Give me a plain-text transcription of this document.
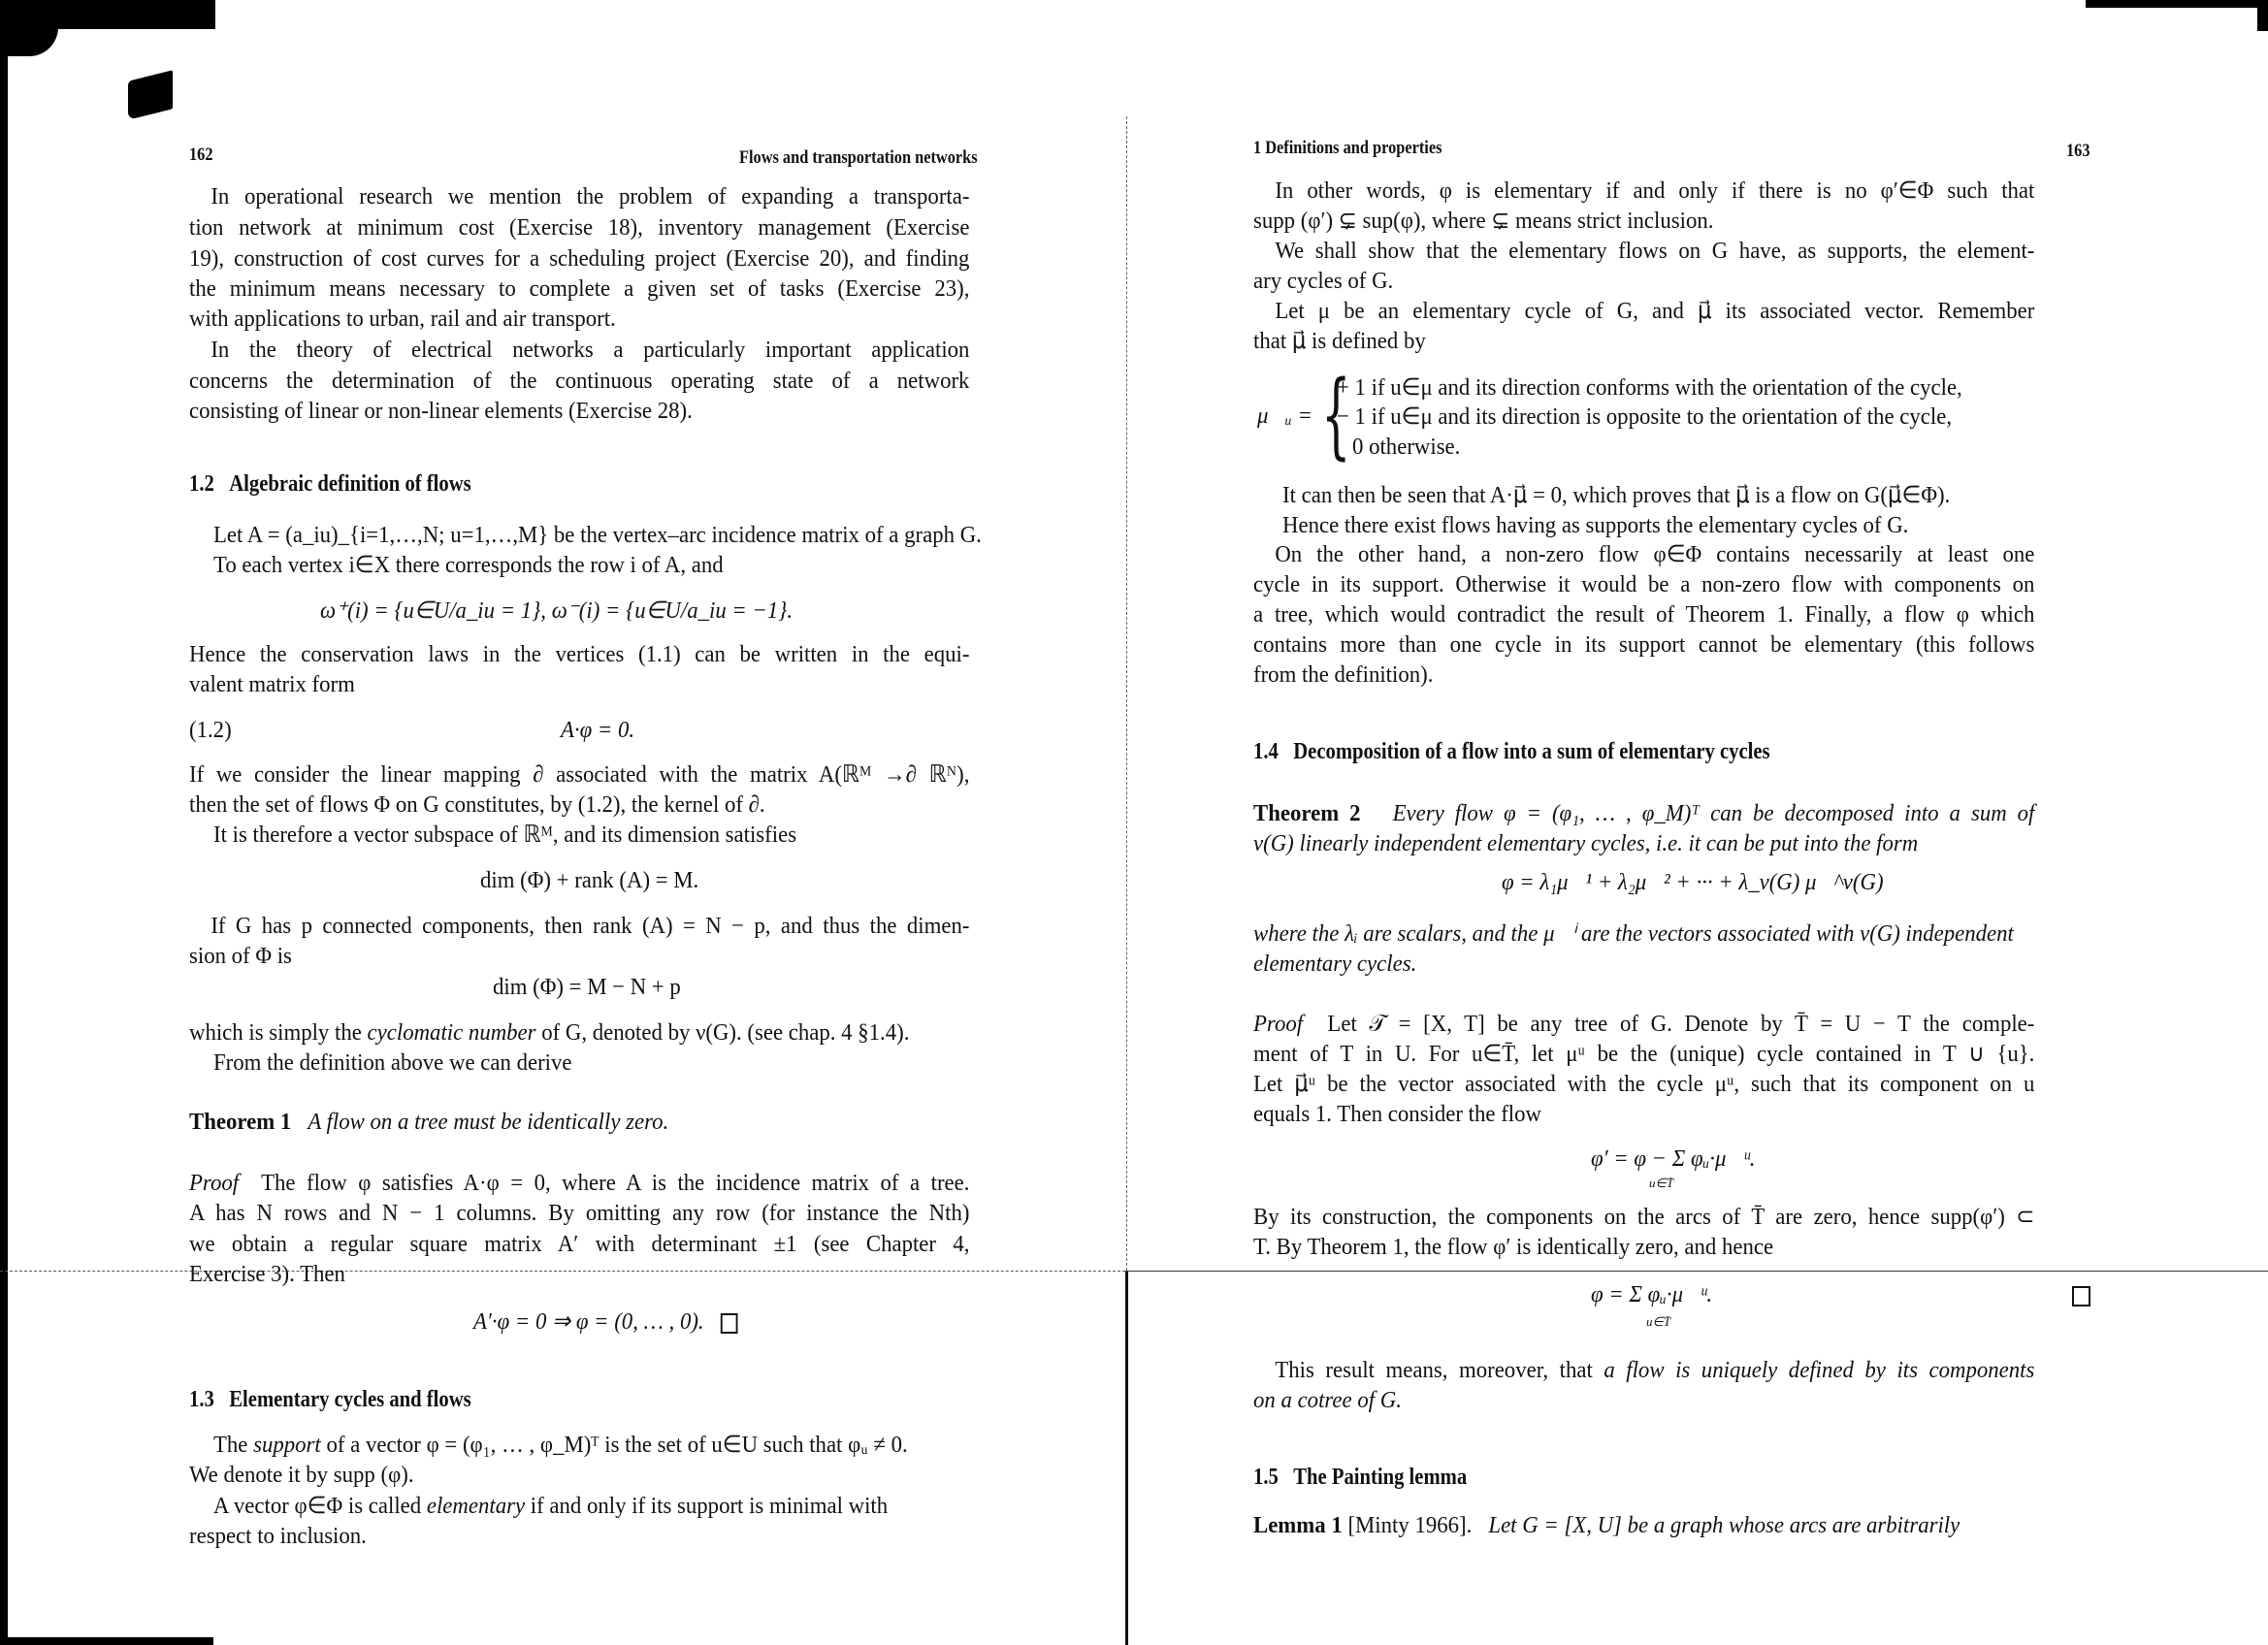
162	Flows and transportation networks
In operational research we mention the problem of expanding a transporta-
tion network at minimum cost (Exercise 18), inventory management (Exercise
19), construction of cost curves for a scheduling project (Exercise 20), and finding
the minimum means necessary to complete a given set of tasks (Exercise 23),
with applications to urban, rail and air transport.
In the theory of electrical networks a particularly important application
concerns the determination of the continuous operating state of a network
consisting of linear or non-linear elements (Exercise 28).
1.2 Algebraic definition of flows
Let A = (a_iu)_{i=1,…,N; u=1,…,M} be the vertex–arc incidence matrix of a graph G.
To each vertex i∈X there corresponds the row i of A, and
ω⁺(i) = {u∈U/a_iu = 1}, ω⁻(i) = {u∈U/a_iu = −1}.
Hence the conservation laws in the vertices (1.1) can be written in the equi-
valent matrix form
(1.2)	A·φ = 0.
If we consider the linear mapping ∂ associated with the matrix A(ℝᴹ →∂ ℝᴺ),
then the set of flows Φ on G constitutes, by (1.2), the kernel of ∂.
It is therefore a vector subspace of ℝᴹ, and its dimension satisfies
dim (Φ) + rank (A) = M.
If G has p connected components, then rank (A) = N − p, and thus the dimen-
sion of Φ is
dim (Φ) = M − N + p
which is simply the cyclomatic number of G, denoted by ν(G). (see chap. 4 §1.4).
From the definition above we can derive
Theorem 1 A flow on a tree must be identically zero.
Proof The flow φ satisfies A·φ = 0, where A is the incidence matrix of a tree.
A has N rows and N − 1 columns. By omitting any row (for instance the Nth)
we obtain a regular square matrix A′ with determinant ±1 (see Chapter 4,
Exercise 3). Then
A′·φ = 0 ⇒ φ = (0, … , 0).
1.3 Elementary cycles and flows
The support of a vector φ = (φ₁, … , φ_M)ᵀ is the set of u∈U such that φᵤ ≠ 0.
We denote it by supp (φ).
A vector φ∈Φ is called elementary if and only if its support is minimal with
respect to inclusion.
1 Definitions and properties	163
In other words, φ is elementary if and only if there is no φ′∈Φ such that
supp (φ′) ⊊ sup(φ), where ⊊ means strict inclusion.
We shall show that the elementary flows on G have, as supports, the element-
ary cycles of G.
Let μ be an elementary cycle of G, and μ⃗ its associated vector. Remember
that μ⃗ is defined by
μ⃗ᵤ = {
+ 1 if u∈μ and its direction conforms with the orientation of the cycle,
− 1 if u∈μ and its direction is opposite to the orientation of the cycle,
0 otherwise.
It can then be seen that A·μ⃗ = 0, which proves that μ⃗ is a flow on G(μ⃗∈Φ).
Hence there exist flows having as supports the elementary cycles of G.
On the other hand, a non-zero flow φ∈Φ contains necessarily at least one
cycle in its support. Otherwise it would be a non-zero flow with components on
a tree, which would contradict the result of Theorem 1. Finally, a flow φ which
contains more than one cycle in its support cannot be elementary (this follows
from the definition).
1.4 Decomposition of a flow into a sum of elementary cycles
Theorem 2 Every flow φ = (φ₁, … , φ_M)ᵀ can be decomposed into a sum of
ν(G) linearly independent elementary cycles, i.e. it can be put into the form
φ = λ₁μ⃗¹ + λ₂μ⃗² + ··· + λ_ν(G) μ⃗^ν(G)
where the λᵢ are scalars, and the μ⃗ⁱ are the vectors associated with ν(G) independent
elementary cycles.
Proof Let 𝒯 = [X, T] be any tree of G. Denote by T̄ = U − T the comple-
ment of T in U. For u∈T̄, let μᵘ be the (unique) cycle contained in T ∪ {u}.
Let μ⃗ᵘ be the vector associated with the cycle μᵘ, such that its component on u
equals 1. Then consider the flow
φ′ = φ − Σ φᵤ·μ⃗ᵘ.
u∈T̄
By its construction, the components on the arcs of T̄ are zero, hence supp(φ′) ⊂
T. By Theorem 1, the flow φ′ is identically zero, and hence
φ = Σ φᵤ·μ⃗ᵘ.
u∈T̄
This result means, moreover, that a flow is uniquely defined by its components
on a cotree of G.
1.5 The Painting lemma
Lemma 1 [Minty 1966]. Let G = [X, U] be a graph whose arcs are arbitrarily
